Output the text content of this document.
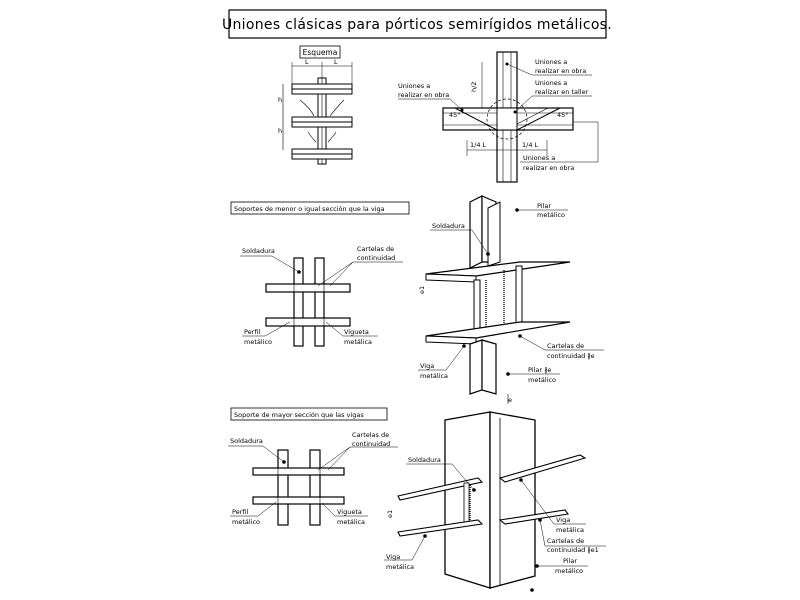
Uniones clásicas para pórticos semirígidos metálicos.
Esquema
L	L
h
h
h/2
1/4 L	1/4 L
45°	45°
Uniones a
realizar en obra
Uniones a
realizar en obra
Uniones a
realizar en taller
Uniones a
realizar en obra
Soportes de menor o igual sección que la viga
Soldadura	Cartelas de
continuidad
Perfil
metálico
Vigueta
metálica
e
e1
Soldadura
Pilar
metálico
Viga
metálica
Cartelas de
continuidad ∦e
Pilar ∦e
metálico
Soporte de mayor sección que las vigas
Soldadura
Cartelas de
continuidad
Perfil
metálico
Vigueta
metálica
e1
Soldadura
Viga
metálica
Cartelas de
continuidad ∦e1
Pilar
metálico
Viga
metálica
